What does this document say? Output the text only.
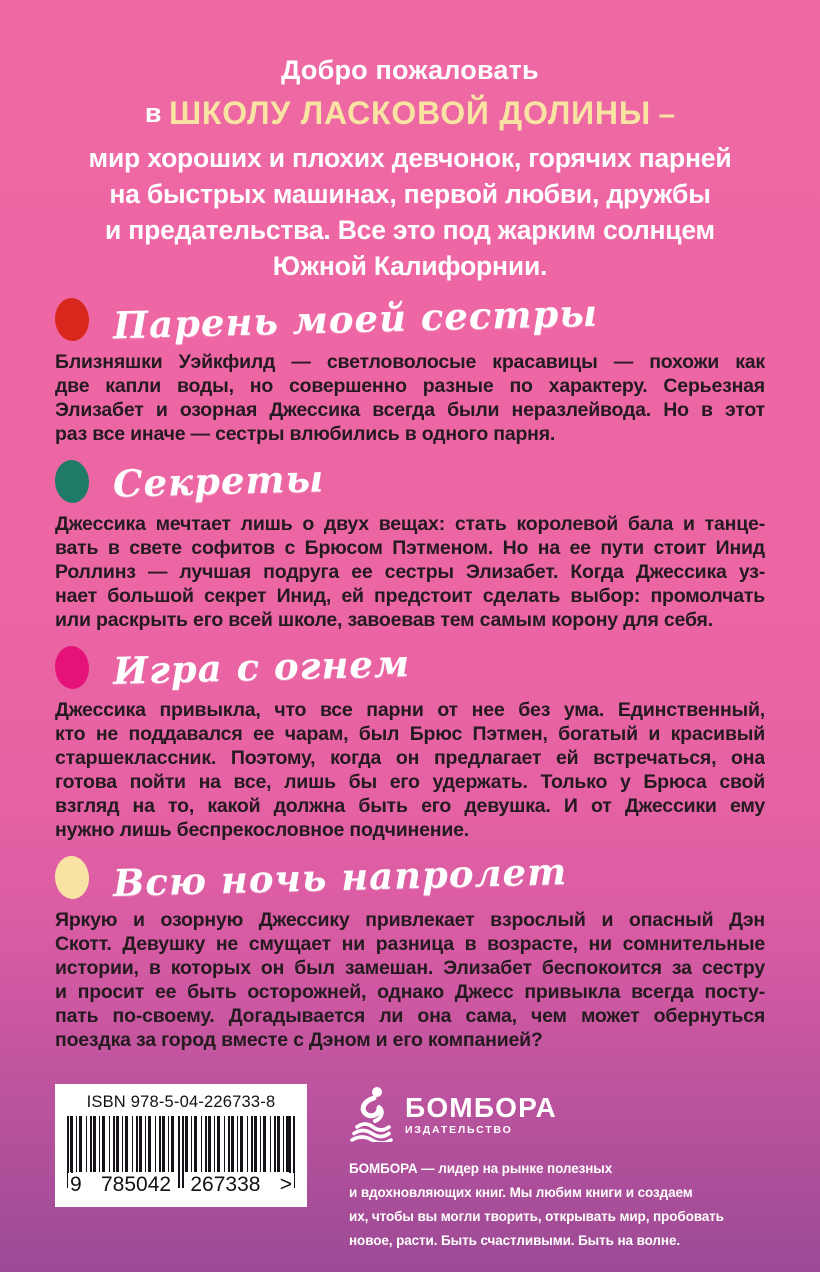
Добро пожаловать
в ШКОЛУ ЛАСКОВОЙ ДОЛИНЫ –
мир хороших и плохих девчонок, горячих парней
на быстрых машинах, первой любви, дружбы
и предательства. Все это под жарким солнцем
Южной Калифорнии.
Парень моей сестры
Близняшки Уэйкфилд — светловолосые красавицы — похожи как
две капли воды, но совершенно разные по характеру. Серьезная
Элизабет и озорная Джессика всегда были неразлейвода. Но в этот
раз все иначе — сестры влюбились в одного парня.
Секреты
Джессика мечтает лишь о двух вещах: стать королевой бала и танце-
вать в свете софитов с Брюсом Пэтменом. Но на ее пути стоит Инид
Роллинз — лучшая подруга ее сестры Элизабет. Когда Джессика уз-
нает большой секрет Инид, ей предстоит сделать выбор: промолчать
или раскрыть его всей школе, завоевав тем самым корону для себя.
Игра с огнем
Джессика привыкла, что все парни от нее без ума. Единственный,
кто не поддавался ее чарам, был Брюс Пэтмен, богатый и красивый
старшеклассник. Поэтому, когда он предлагает ей встречаться, она
готова пойти на все, лишь бы его удержать. Только у Брюса свой
взгляд на то, какой должна быть его девушка. И от Джессики ему
нужно лишь беспрекословное подчинение.
Всю ночь напролет
Яркую и озорную Джессику привлекает взрослый и опасный Дэн
Скотт. Девушку не смущает ни разница в возрасте, ни сомнительные
истории, в которых он был замешан. Элизабет беспокоится за сестру
и просит ее быть осторожней, однако Джесс привыкла всегда посту-
пать по-своему. Догадывается ли она сама, чем может обернуться
поездка за город вместе с Дэном и его компанией?
ISBN 978-5-04-226733-8
9 785042 267338 >
БОМБОРА
ИЗДАТЕЛЬСТВО
БОМБОРА — лидер на рынке полезных
и вдохновляющих книг. Мы любим книги и создаем
их, чтобы вы могли творить, открывать мир, пробовать
новое, расти. Быть счастливыми. Быть на волне.
